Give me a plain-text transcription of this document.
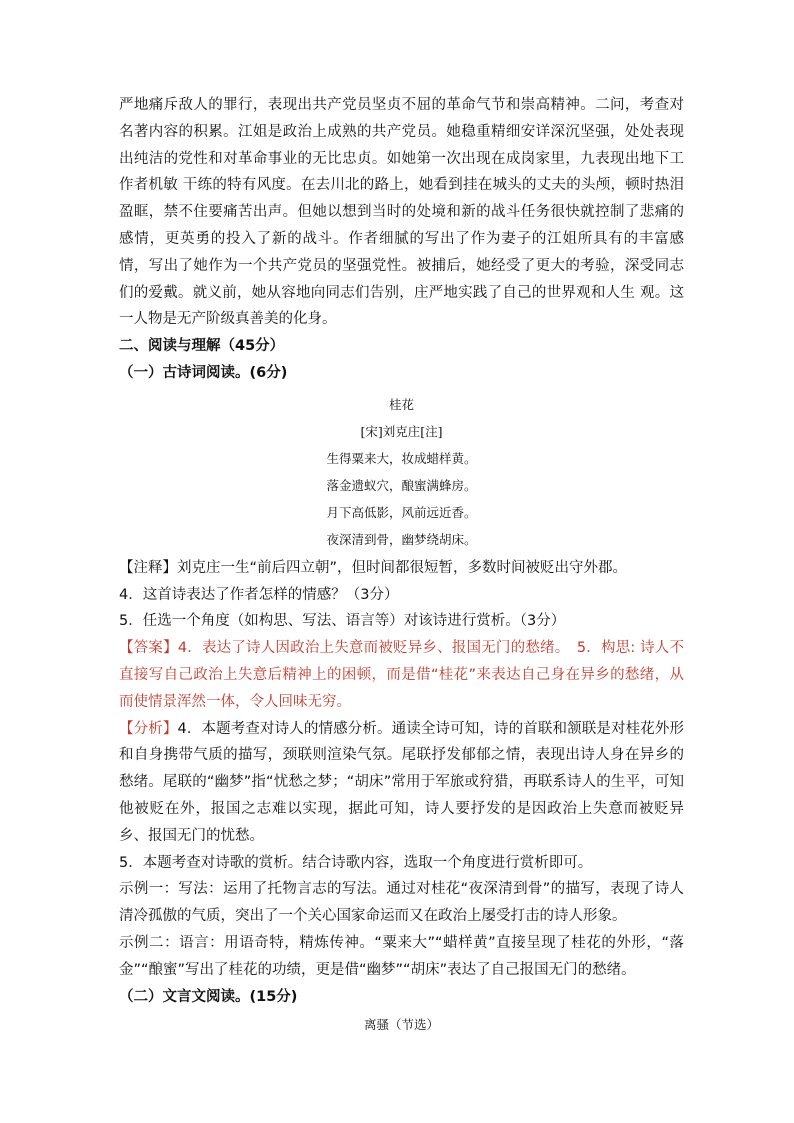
严地痛斥敌人的罪行，表现出共产党员坚贞不屈的革命气节和崇高精神。二问，考查对名著内容的积累。江姐是政治上成熟的共产党员。她稳重精细安详深沉坚强，处处表现出纯洁的党性和对革命事业的无比忠贞。如她第一次出现在成岗家里，九表现出地下工作者机敏 干练的特有风度。在去川北的路上，她看到挂在城头的丈夫的头颅，顿时热泪盈眶，禁不住要痛苦出声。但她以想到当时的处境和新的战斗任务很快就控制了悲痛的 感情，更英勇的投入了新的战斗。作者细腻的写出了作为妻子的江姐所具有的丰富感情，写出了她作为一个共产党员的坚强党性。被捕后，她经受了更大的考验，深受同志们的爱戴。就义前，她从容地向同志们告别，庄严地实践了自己的世界观和人生 观。这一人物是无产阶级真善美的化身。

二、阅读与理解（45分）

（一）古诗词阅读。(6分)

桂花
[宋]刘克庄[注]
生得粟来大，妆成蜡样黄。
落金遗蚁穴，酿蜜满蜂房。
月下高低影，风前远近香。
夜深清到骨，幽梦绕胡床。

【注释】刘克庄一生“前后四立朝”，但时间都很短暂，多数时间被贬出守外郡。

4．这首诗表达了作者怎样的情感？（3分）

5．任选一个角度（如构思、写法、语言等）对该诗进行赏析。（3分）

【答案】4．表达了诗人因政治上失意而被贬异乡、报国无门的愁绪。　5．构思: 诗人不直接写自己政治上失意后精神上的困顿，而是借“桂花”来表达自己身在异乡的愁绪，从而使情景浑然一体，令人回味无穷。

【分析】4．本题考查对诗人的情感分析。通读全诗可知，诗的首联和颔联是对桂花外形和自身携带气质的描写，颈联则渲染气氛。尾联抒发郁郁之情，表现出诗人身在异乡的愁绪。尾联的“幽梦”指“忧愁之梦；“胡床”常用于军旅或狩猎，再联系诗人的生平，可知他被贬在外，报国之志难以实现，据此可知，诗人要抒发的是因政治上失意而被贬异乡、报国无门的忧愁。

5．本题考查对诗歌的赏析。结合诗歌内容，选取一个角度进行赏析即可。

示例一：写法：运用了托物言志的写法。通过对桂花“夜深清到骨”的描写，表现了诗人清冷孤傲的气质，突出了一个关心国家命运而又在政治上屡受打击的诗人形象。

示例二：语言：用语奇特，精炼传神。“粟来大”“蜡样黄”直接呈现了桂花的外形，“落金”“酿蜜”写出了桂花的功绩，更是借“幽梦”“胡床”表达了自己报国无门的愁绪。

（二）文言文阅读。(15分)

离骚（节选）
